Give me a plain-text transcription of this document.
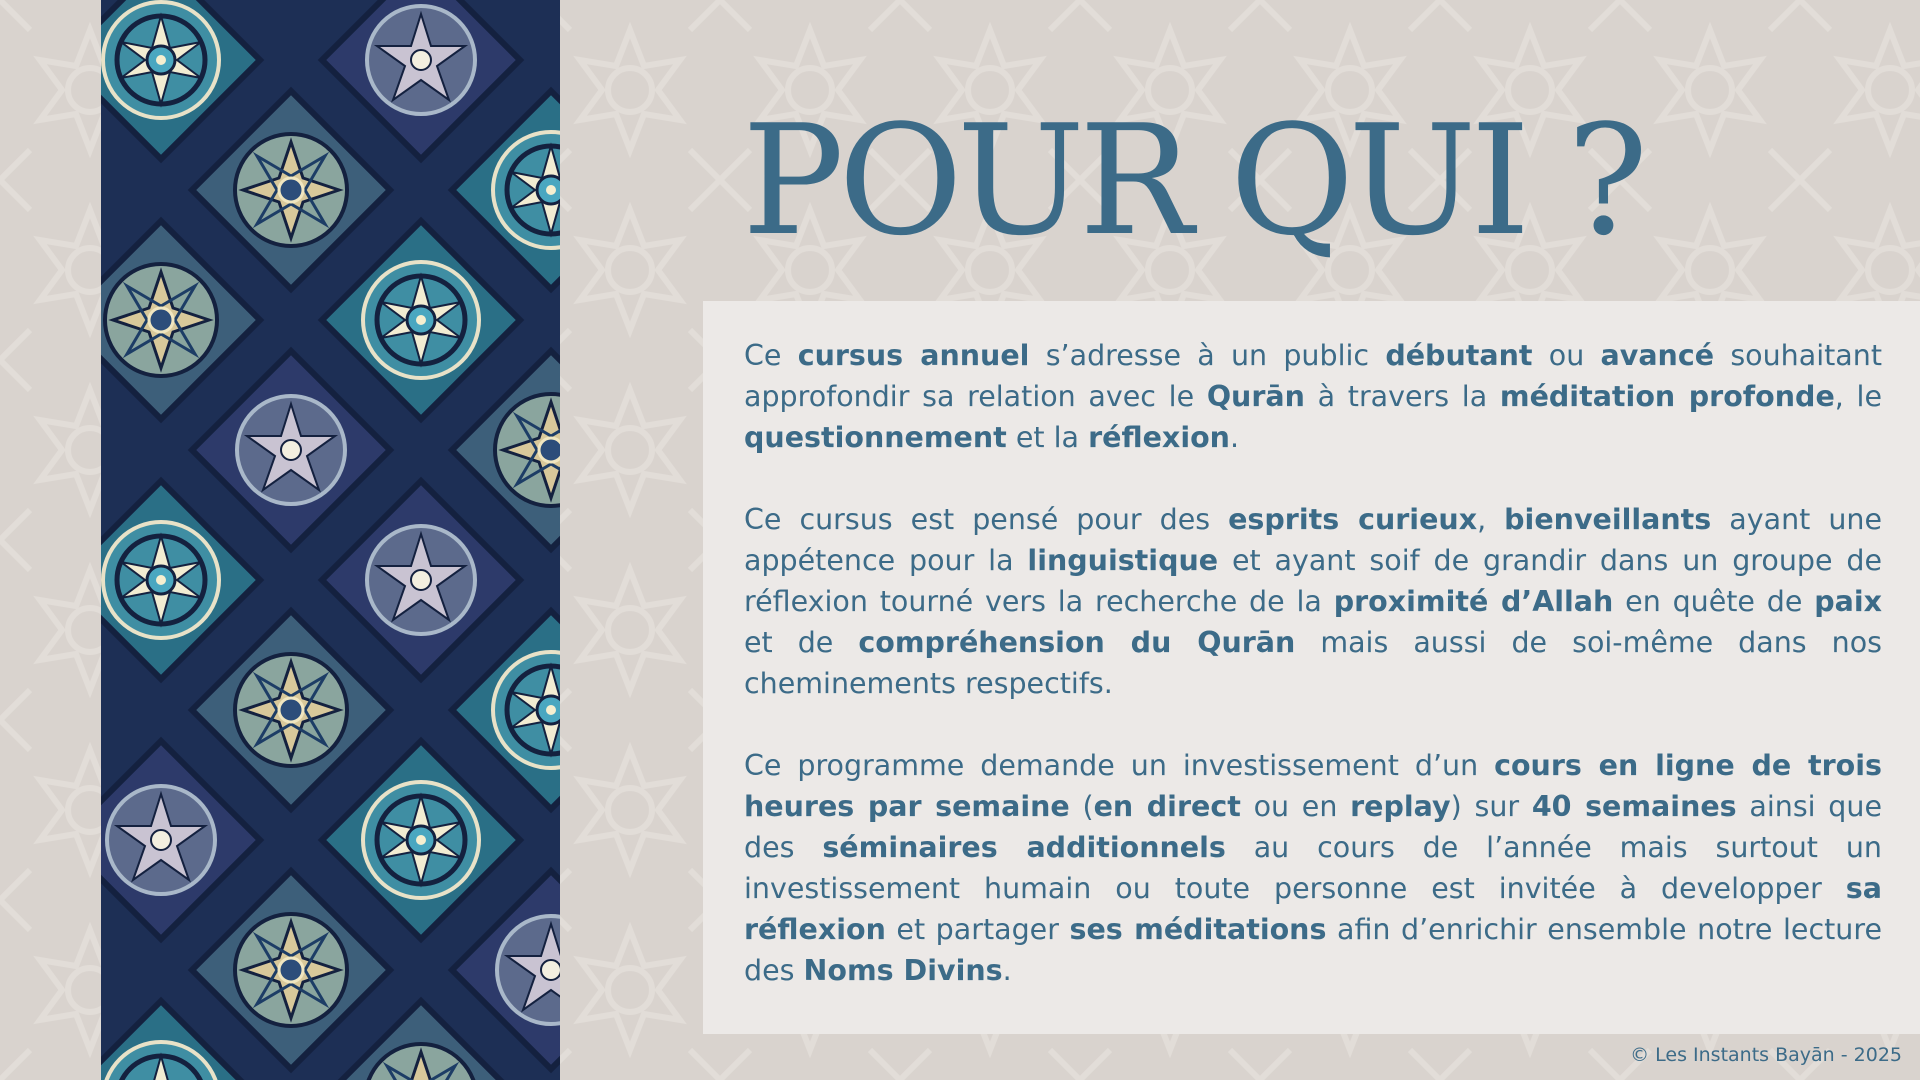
POUR QUI ?

Ce cursus annuel s’adresse à un public débutant ou avancé souhaitant approfondir sa relation avec le Qurān à travers la méditation profonde, le questionnement et la réflexion.

Ce cursus est pensé pour des esprits curieux, bienveillants ayant une appétence pour la linguistique et ayant soif de grandir dans un groupe de réflexion tourné vers la recherche de la proximité d’Allah en quête de paix et de compréhension du Qurān mais aussi de soi-même dans nos cheminements respectifs.

Ce programme demande un investissement d’un cours en ligne de trois heures par semaine (en direct ou en replay) sur 40 semaines ainsi que des séminaires additionnels au cours de l’année mais surtout un investissement humain ou toute personne est invitée à developper sa réflexion et partager ses méditations afin d’enrichir ensemble notre lecture des Noms Divins.

© Les Instants Bayān - 2025
